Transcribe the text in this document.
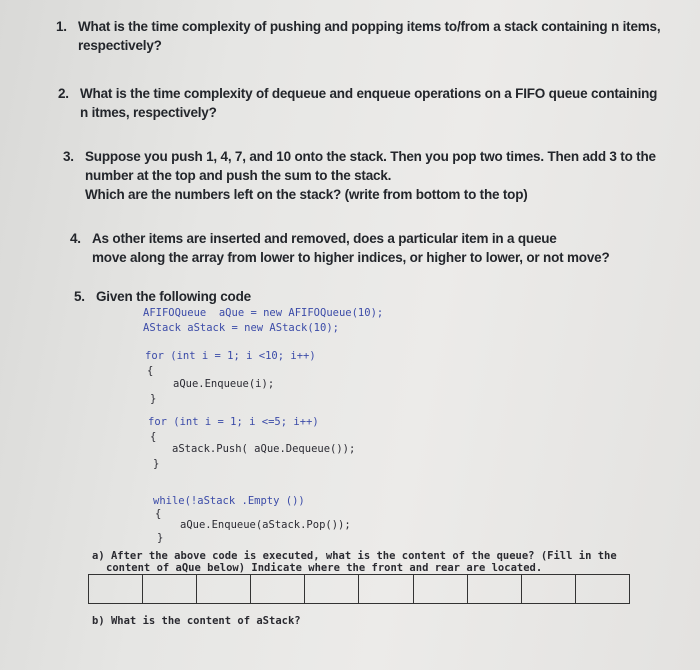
1. What is the time complexity of pushing and popping items to/from a stack containing n items,
respectively?
2. What is the time complexity of dequeue and enqueue operations on a FIFO queue containing
n itmes, respectively?
3. Suppose you push 1, 4, 7, and 10 onto the stack. Then you pop two times. Then add 3 to the
number at the top and push the sum to the stack.
Which are the numbers left on the stack? (write from bottom to the top)
4. As other items are inserted and removed, does a particular item in a queue
move along the array from lower to higher indices, or higher to lower, or not move?
5. Given the following code
AFIFOQueue  aQue = new AFIFOQueue(10);
AStack aStack = new AStack(10);
for (int i = 1; i <10; i++)
{
aQue.Enqueue(i);
}
for (int i = 1; i <=5; i++)
{
aStack.Push( aQue.Dequeue());
}
while(!aStack .Empty ())
{
aQue.Enqueue(aStack.Pop());
}
a) After the above code is executed, what is the content of the queue? (Fill in the
content of aQue below) Indicate where the front and rear are located.
b) What is the content of aStack?
